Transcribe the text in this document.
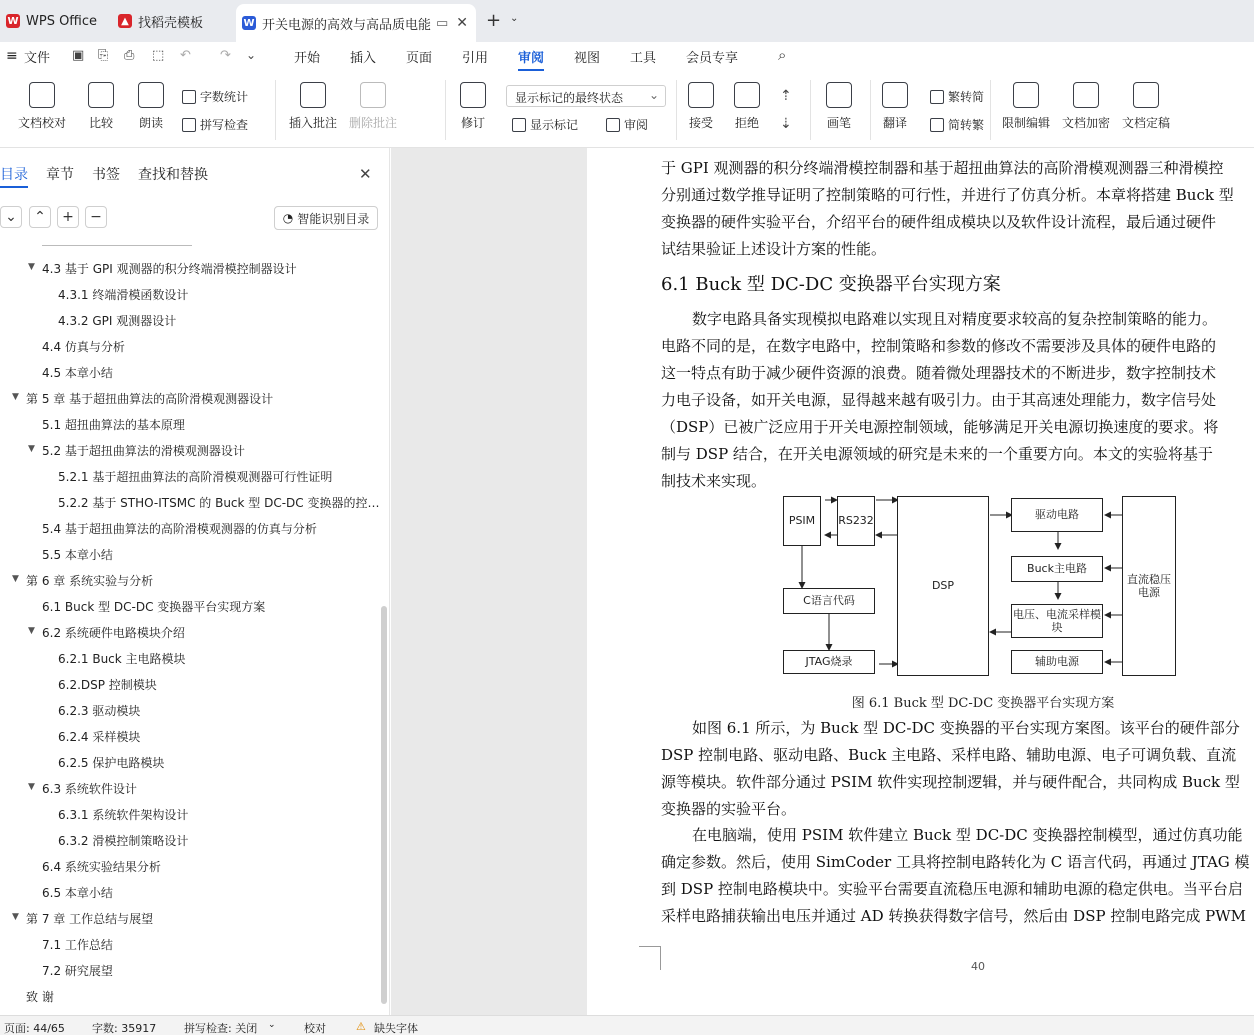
W WPS Office	▲ 找稻壳模板	W 开关电源的高效与高品质电能 ▭ ✕ + ⌄
≡ 文件 ▣ ⎘ ⎙ ⬚ ↶ ↷ ⌄	开始 插入 页面 引用 审阅 视图 工具 会员专享	⌕
文档校对 比较 朗读
字数统计
拼写检查	插入批注 删除批注	修订
显示标记的最终状态 ⌄
显示标记	审阅	接受 拒绝
⇡
⇣	画笔	翻译
繁转简
简转繁 限制编辑 文档加密 文档定稿
目录 章节 书签 查找和替换	✕
⌄ ⌃ + −	◔ 智能识别目录
4.3 基于 GPI 观测器的积分终端滑模控制器设计
▼
4.3.1 终端滑模函数设计
4.3.2 GPI 观测器设计
4.4 仿真与分析
4.5 本章小结
第 5 章 基于超扭曲算法的高阶滑模观测器设计
▼
5.1 超扭曲算法的基本原理
5.2 基于超扭曲算法的滑模观测器设计
▼
5.2.1 基于超扭曲算法的高阶滑模观测器可行性证明
5.2.2 基于 STHO-ITSMC 的 Buck 型 DC-DC 变换器的控…
5.4 基于超扭曲算法的高阶滑模观测器的仿真与分析
5.5 本章小结
第 6 章 系统实验与分析
▼
6.1 Buck 型 DC-DC 变换器平台实现方案
6.2 系统硬件电路模块介绍
▼
6.2.1 Buck 主电路模块
6.2.DSP 控制模块
6.2.3 驱动模块
6.2.4 采样模块
6.2.5 保护电路模块
6.3 系统软件设计
▼
6.3.1 系统软件架构设计
6.3.2 滑模控制策略设计
6.4 系统实验结果分析
6.5 本章小结
第 7 章 工作总结与展望
▼
7.1 工作总结
7.2 研究展望
致 谢
于 GPI 观测器的积分终端滑模控制器和基于超扭曲算法的高阶滑模观测器三种滑模控
分别通过数学推导证明了控制策略的可行性，并进行了仿真分析。本章将搭建 Buck 型
变换器的硬件实验平台，介绍平台的硬件组成模块以及软件设计流程，最后通过硬件
试结果验证上述设计方案的性能。
6.1 Buck 型 DC-DC 变换器平台实现方案
数字电路具备实现模拟电路难以实现且对精度要求较高的复杂控制策略的能力。
电路不同的是，在数字电路中，控制策略和参数的修改不需要涉及具体的硬件电路的
这一特点有助于减少硬件资源的浪费。随着微处理器技术的不断进步，数字控制技术
力电子设备，如开关电源，显得越来越有吸引力。由于其高速处理能力，数字信号处
（DSP）已被广泛应用于开关电源控制领域，能够满足开关电源切换速度的要求。将
制与 DSP 结合，在开关电源领域的研究是未来的一个重要方向。本文的实验将基于
制技术来实现。
PSIM	RS232
DSP
驱动电路
Buck主电路
电压、电流采样模块
辅助电源
直流稳压电源
C语言代码
JTAG烧录
图 6.1 Buck 型 DC-DC 变换器平台实现方案
如图 6.1 所示，为 Buck 型 DC-DC 变换器的平台实现方案图。该平台的硬件部分
DSP 控制电路、驱动电路、Buck 主电路、采样电路、辅助电源、电子可调负载、直流
源等模块。软件部分通过 PSIM 软件实现控制逻辑，并与硬件配合，共同构成 Buck 型
变换器的实验平台。
在电脑端，使用 PSIM 软件建立 Buck 型 DC-DC 变换器控制模型，通过仿真功能
确定参数。然后，使用 SimCoder 工具将控制电路转化为 C 语言代码，再通过 JTAG 模
到 DSP 控制电路模块中。实验平台需要直流稳压电源和辅助电源的稳定供电。当平台启
采样电路捕获输出电压并通过 AD 转换获得数字信号，然后由 DSP 控制电路完成 PWM
40
页面: 44/65 字数: 35917	拼写检查: 关闭 ⌄	校对	⚠ 缺失字体
